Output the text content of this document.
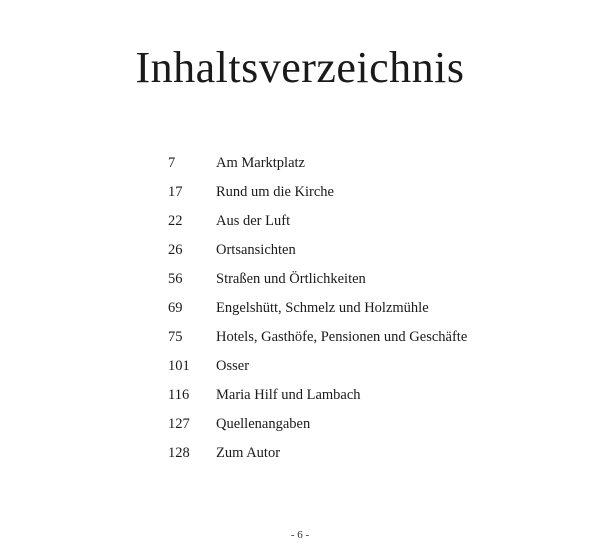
Inhaltsverzeichnis
7	Am Marktplatz
17 Rund um die Kirche
22 Aus der Luft
26 Ortsansichten
56 Straßen und Örtlichkeiten
69 Engelshütt, Schmelz und Holzmühle
75 Hotels, Gasthöfe, Pensionen und Geschäfte
101 Osser
116 Maria Hilf und Lambach
127 Quellenangaben
128 Zum Autor
- 6 -
